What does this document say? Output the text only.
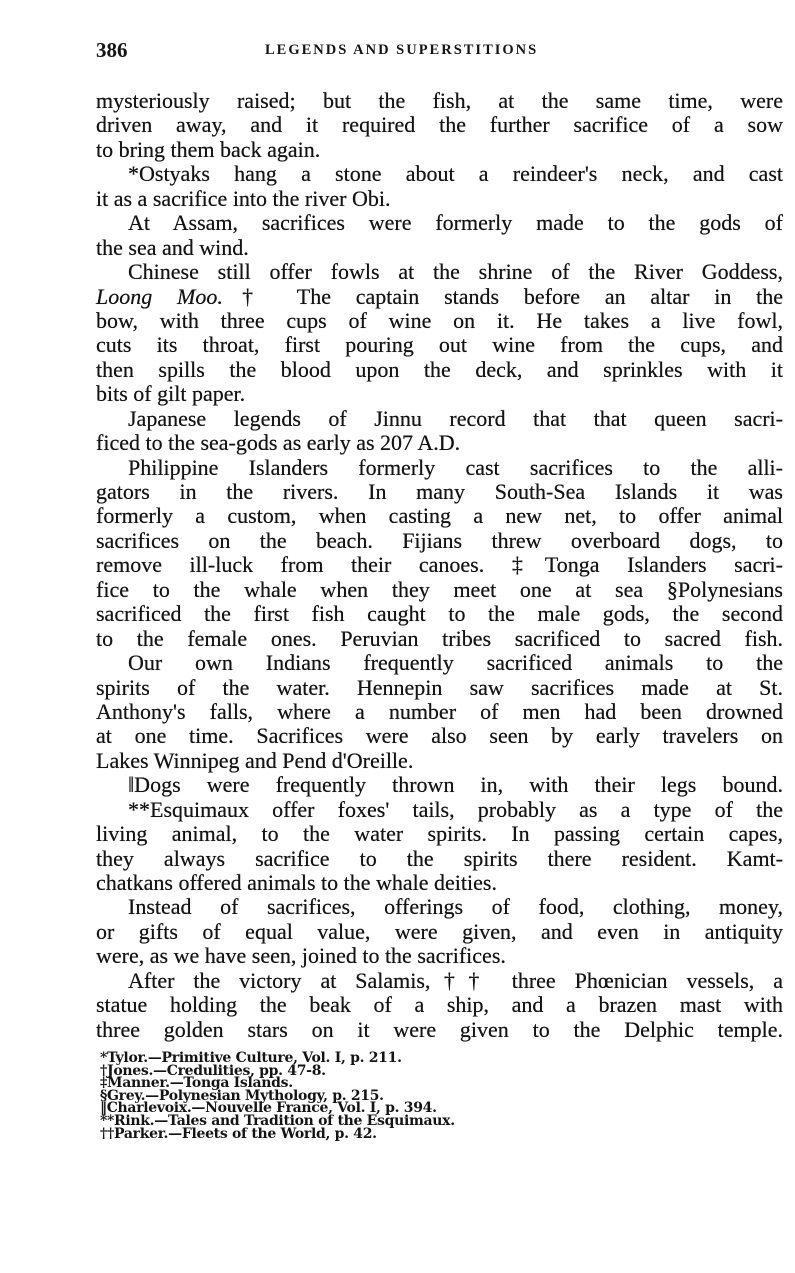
386	LEGENDS AND SUPERSTITIONS
mysteriously raised; but the fish, at the same time, were
driven away, and it required the further sacrifice of a sow
to bring them back again.
*Ostyaks hang a stone about a reindeer's neck, and cast
it as a sacrifice into the river Obi.
At Assam, sacrifices were formerly made to the gods of
the sea and wind.
Chinese still offer fowls at the shrine of the River Goddess,
Loong Moo.† The captain stands before an altar in the
bow, with three cups of wine on it. He takes a live fowl,
cuts its throat, first pouring out wine from the cups, and
then spills the blood upon the deck, and sprinkles with it
bits of gilt paper.
Japanese legends of Jinnu record that that queen sacri-
ficed to the sea-gods as early as 207 A.D.
Philippine Islanders formerly cast sacrifices to the alli-
gators in the rivers. In many South-Sea Islands it was
formerly a custom, when casting a new net, to offer animal
sacrifices on the beach. Fijians threw overboard dogs, to
remove ill-luck from their canoes. ‡Tonga Islanders sacri-
fice to the whale when they meet one at sea §Polynesians
sacrificed the first fish caught to the male gods, the second
to the female ones. Peruvian tribes sacrificed to sacred fish.
Our own Indians frequently sacrificed animals to the
spirits of the water. Hennepin saw sacrifices made at St.
Anthony's falls, where a number of men had been drowned
at one time. Sacrifices were also seen by early travelers on
Lakes Winnipeg and Pend d'Oreille.
‖Dogs were frequently thrown in, with their legs bound.
**Esquimaux offer foxes' tails, probably as a type of the
living animal, to the water spirits. In passing certain capes,
they always sacrifice to the spirits there resident. Kamt-
chatkans offered animals to the whale deities.
Instead of sacrifices, offerings of food, clothing, money,
or gifts of equal value, were given, and even in antiquity
were, as we have seen, joined to the sacrifices.
After the victory at Salamis,†† three Phœnician vessels, a
statue holding the beak of a ship, and a brazen mast with
three golden stars on it were given to the Delphic temple.
*Tylor.—Primitive Culture, Vol. I, p. 211.
†Jones.—Credulities, pp. 47-8.
‡Manner.—Tonga Islands.
§Grey.—Polynesian Mythology, p. 215.
‖Charlevoix.—Nouvelle France, Vol. I, p. 394.
**Rink.—Tales and Tradition of the Esquimaux.
††Parker.—Fleets of the World, p. 42.
